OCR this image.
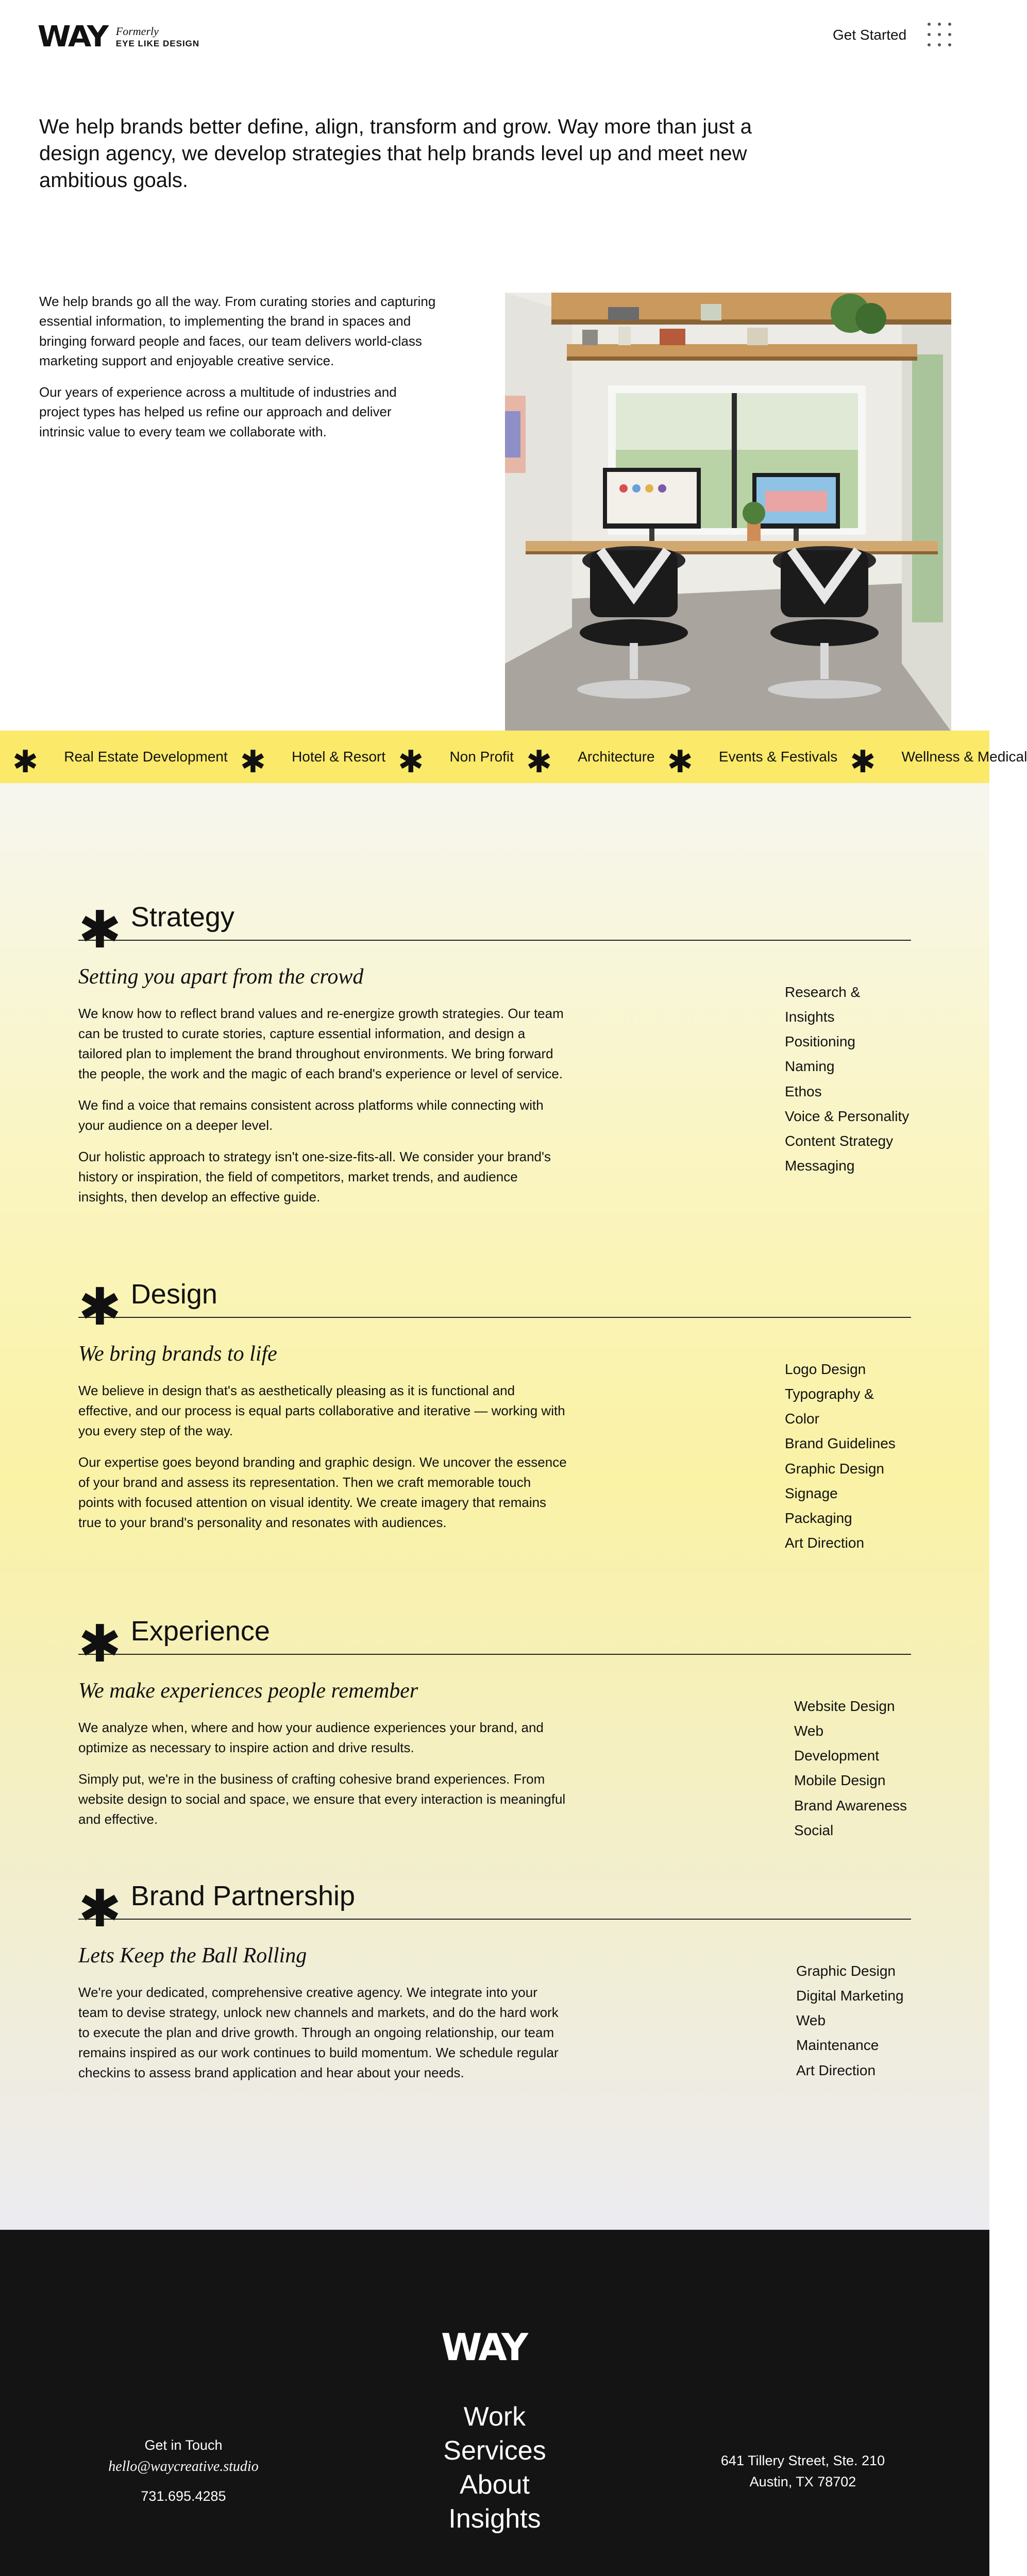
WAY Formerly
EYE LIKE DESIGN
Get Started

We help brands better define, align, transform and grow. Way more than just a design agency, we develop strategies that help brands level up and meet new ambitious goals.

We help brands go all the way. From curating stories and capturing essential information, to implementing the brand in spaces and bringing forward people and faces, our team delivers world-class marketing support and enjoyable creative service.

Our years of experience across a multitude of industries and project types has helped us refine our approach and deliver intrinsic value to every team we collaborate with.

✱ Real Estate Development ✱ Hotel & Resort ✱ Non Profit ✱ Architecture ✱ Events & Festivals ✱ Wellness & Medical
✱ Strategy
Setting you apart from the crowd

We know how to reflect brand values and re-energize growth strategies. Our team can be trusted to curate stories, capture essential information, and design a tailored plan to implement the brand throughout environments. We bring forward the people, the work and the magic of each brand's experience or level of service.

We find a voice that remains consistent across platforms while connecting with your audience on a deeper level.

Our holistic approach to strategy isn't one-size-fits-all. We consider your brand's history or inspiration, the field of competitors, market trends, and audience insights, then develop an effective guide.

Research & Insights
Positioning
Naming
Ethos
Voice & Personality
Content Strategy
Messaging
✱ Design
We bring brands to life

We believe in design that's as aesthetically pleasing as it is functional and effective, and our process is equal parts collaborative and iterative — working with you every step of the way.

Our expertise goes beyond branding and graphic design. We uncover the essence of your brand and assess its representation. Then we craft memorable touch points with focused attention on visual identity. We create imagery that remains true to your brand's personality and resonates with audiences.

Logo Design
Typography & Color
Brand Guidelines
Graphic Design
Signage
Packaging
Art Direction
✱ Experience
We make experiences people remember

We analyze when, where and how your audience experiences your brand, and optimize as necessary to inspire action and drive results.

Simply put, we're in the business of crafting cohesive brand experiences. From website design to social and space, we ensure that every interaction is meaningful and effective.

Website Design
Web Development
Mobile Design
Brand Awareness
Social
✱ Brand Partnership
Lets Keep the Ball Rolling

We're your dedicated, comprehensive creative agency. We integrate into your team to devise strategy, unlock new channels and markets, and do the hard work to execute the plan and drive growth. Through an ongoing relationship, our team remains inspired as our work continues to build momentum. We schedule regular checkins to assess brand application and hear about your needs.

Graphic Design
Digital Marketing
Web Maintenance
Art Direction
WAY
Get in Touch
hello@waycreative.studio
731.695.4285
Work
Services
About
Insights
641 Tillery Street, Ste. 210
Austin, TX 78702
